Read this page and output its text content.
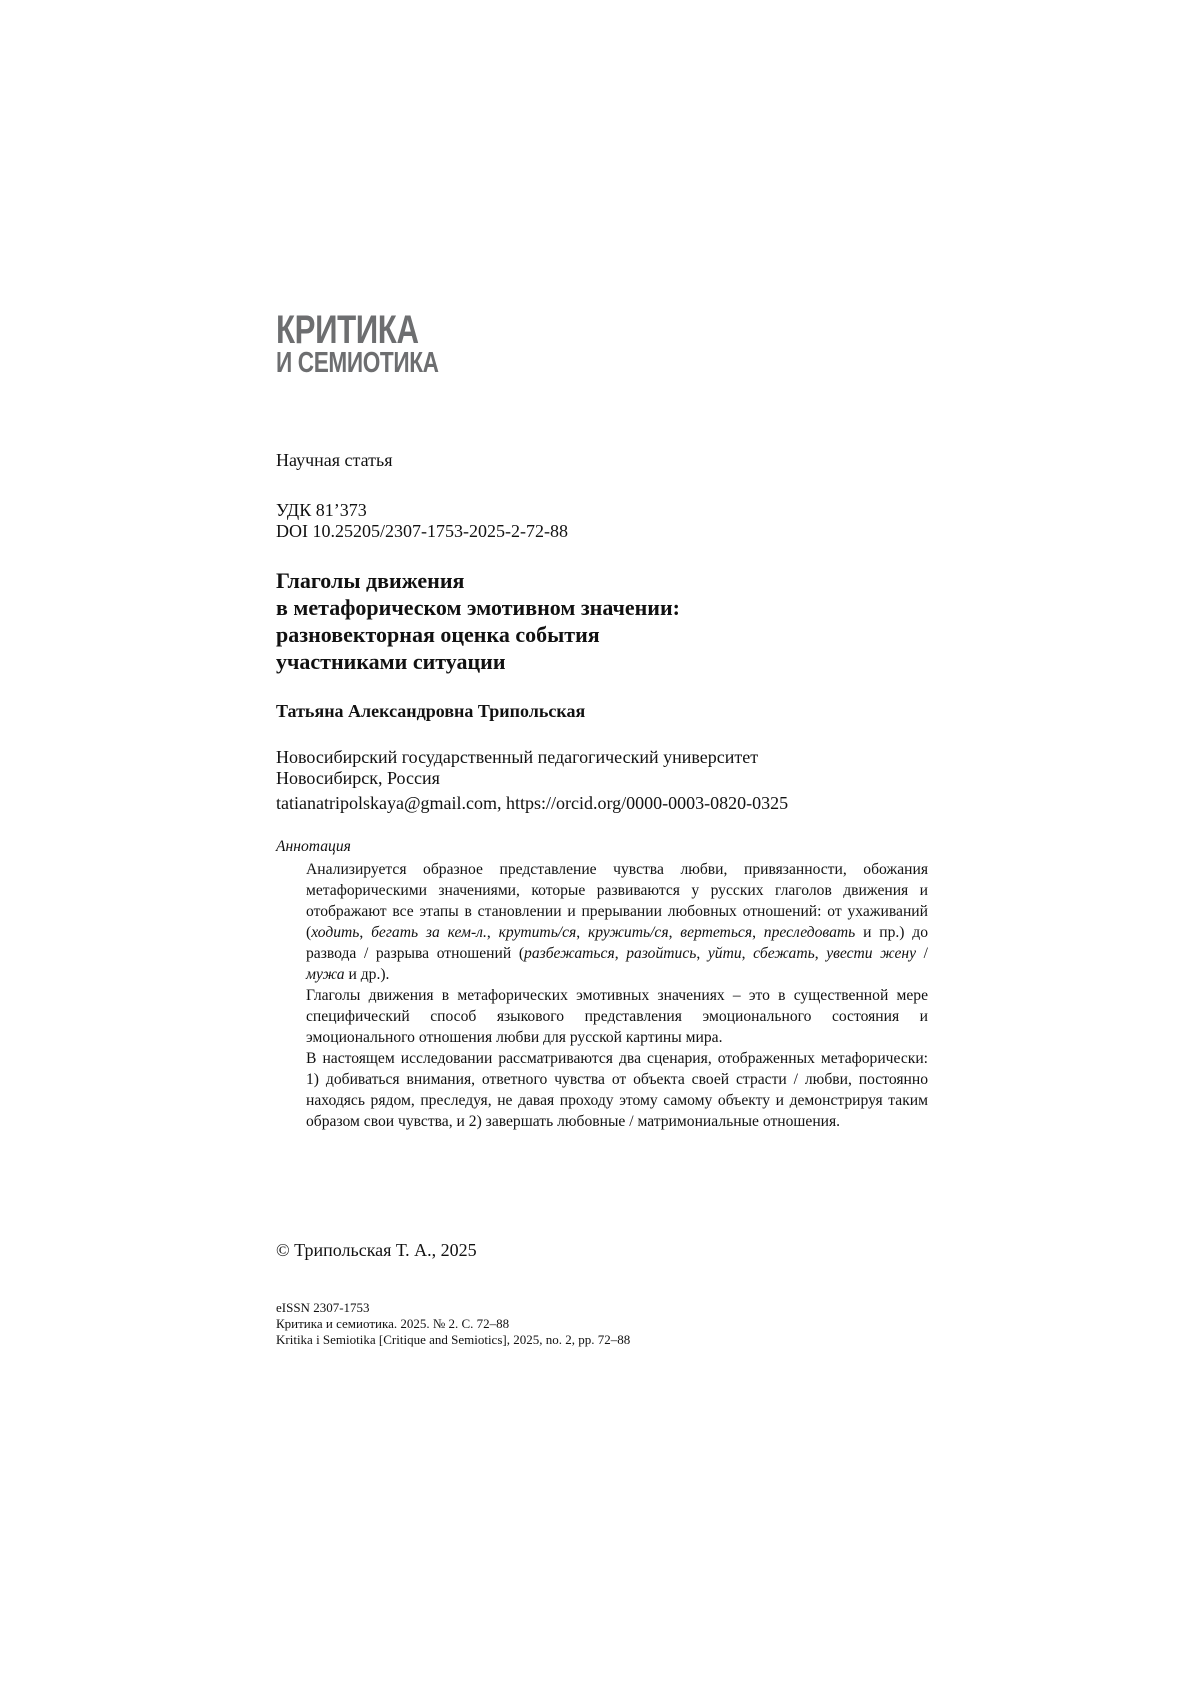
КРИТИКА
И СЕМИОТИКА
Научная статья
УДК 81’373
DOI 10.25205/2307-1753-2025-2-72-88
Глаголы движения
в метафорическом эмотивном значении:
разновекторная оценка события
участниками ситуации
Татьяна Александровна Трипольская
Новосибирский государственный педагогический университет
Новосибирск, Россия
tatianatripolskaya@gmail.com, https://orcid.org/0000-0003-0820-0325
Аннотация

Анализируется образное представление чувства любви, привязанности, обожания метафорическими значениями, которые развиваются у русских глаголов движения и отображают все этапы в становлении и прерывании любовных отношений: от ухаживаний (ходить, бегать за кем-л., крутить/ся, кружить/ся, вертеться, преследовать и пр.) до развода / разрыва отношений (разбежаться, разойтись, уйти, сбежать, увести жену / мужа и др.).

Глаголы движения в метафорических эмотивных значениях – это в существенной мере специфический способ языкового представления эмоционального состояния и эмоционального отношения любви для русской картины мира.

В настоящем исследовании рассматриваются два сценария, отображенных метафорически: 1) добиваться внимания, ответного чувства от объекта своей страсти / любви, постоянно находясь рядом, преследуя, не давая проходу этому самому объекту и демонстрируя таким образом свои чувства, и 2) завершать любовные / матримониальные отношения.

© Трипольская Т. А., 2025
eISSN 2307-1753
Критика и семиотика. 2025. № 2. С. 72–88
Kritika i Semiotika [Critique and Semiotics], 2025, no. 2, pp. 72–88
